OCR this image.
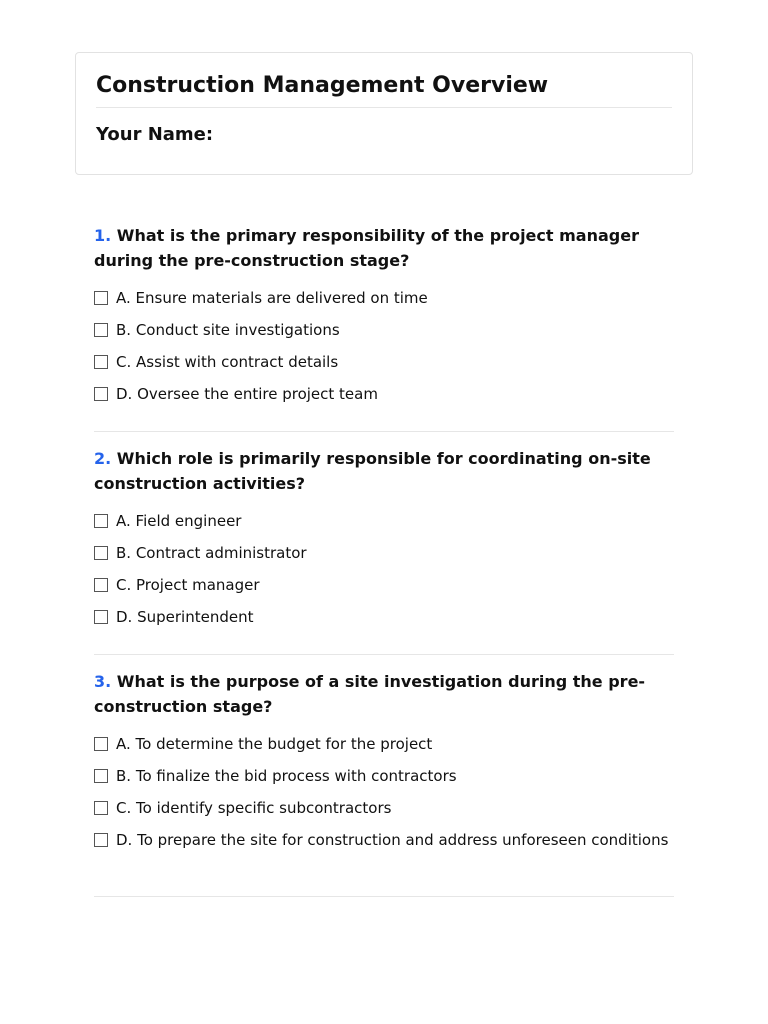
Construction Management Overview
Your Name:

1. What is the primary responsibility of the project manager during the pre-construction stage?

A. Ensure materials are delivered on time
B. Conduct site investigations
C. Assist with contract details
D. Oversee the entire project team

2. Which role is primarily responsible for coordinating on-site construction activities?

A. Field engineer
B. Contract administrator
C. Project manager
D. Superintendent

3. What is the purpose of a site investigation during the pre-construction stage?

A. To determine the budget for the project
B. To finalize the bid process with contractors
C. To identify specific subcontractors
D. To prepare the site for construction and address unforeseen conditions
